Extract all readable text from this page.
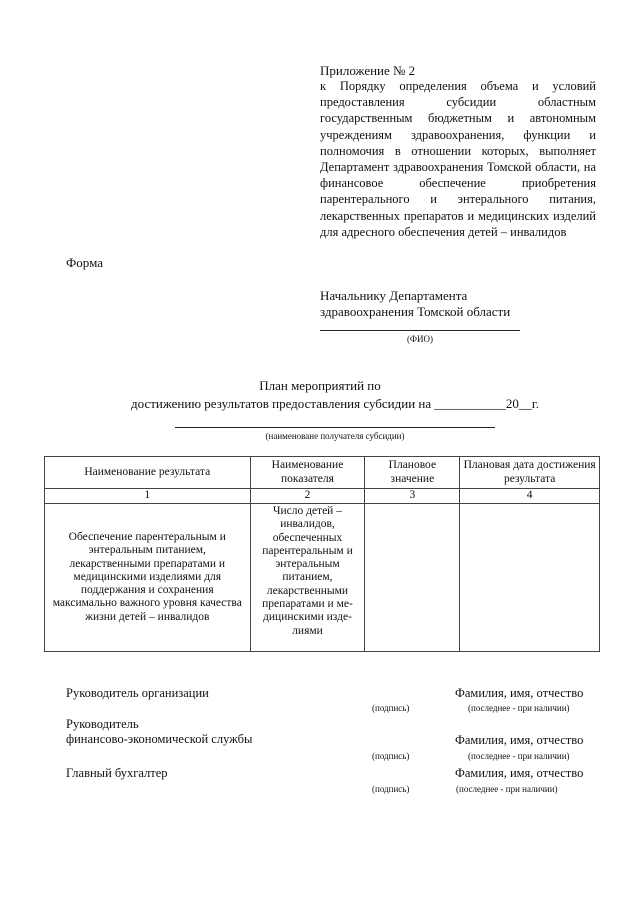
Приложение № 2
к Порядку определения объема и условий предоставления субсидии областным государственным бюджетным и автономным учреждениям здравоохранения, функции и полномочия в отношении которых, выполняет Департамент здравоохранения Томской области, на финансовое обеспечение приобретения парентерального и энтерального питания, лекарственных препаратов и медицинских изделий для адресного обеспечения детей – инвалидов
Форма
Начальнику Департамента
здравоохранения Томской области
(ФИО)
План мероприятий по
достижению результатов предоставления субсидии на ___________20__г.
(наименоване получателя субсидии)
Наименование результата	Наименование показателя	Плановое значение	Плановая дата достижения результата
1	2	3	4
Обеспечение парентеральным и энтеральным питанием, лекарственными препаратами и медицинскими изделиями для поддержания и сохранения максимально важного уровня качества жизни детей – инвалидов	Число детей – инвалидов, обеспеченных парентеральным и энтеральным питанием, лекарственными препаратами и ме-дицинскими изде-лиями		
Руководитель организации
(подпись)
Фамилия, имя, отчество
(последнее - при наличии)
Руководитель
финансово-экономической службы
(подпись)
Фамилия, имя, отчество
(последнее - при наличии)
Главный бухгалтер
(подпись)
Фамилия, имя, отчество
(последнее - при наличии)
